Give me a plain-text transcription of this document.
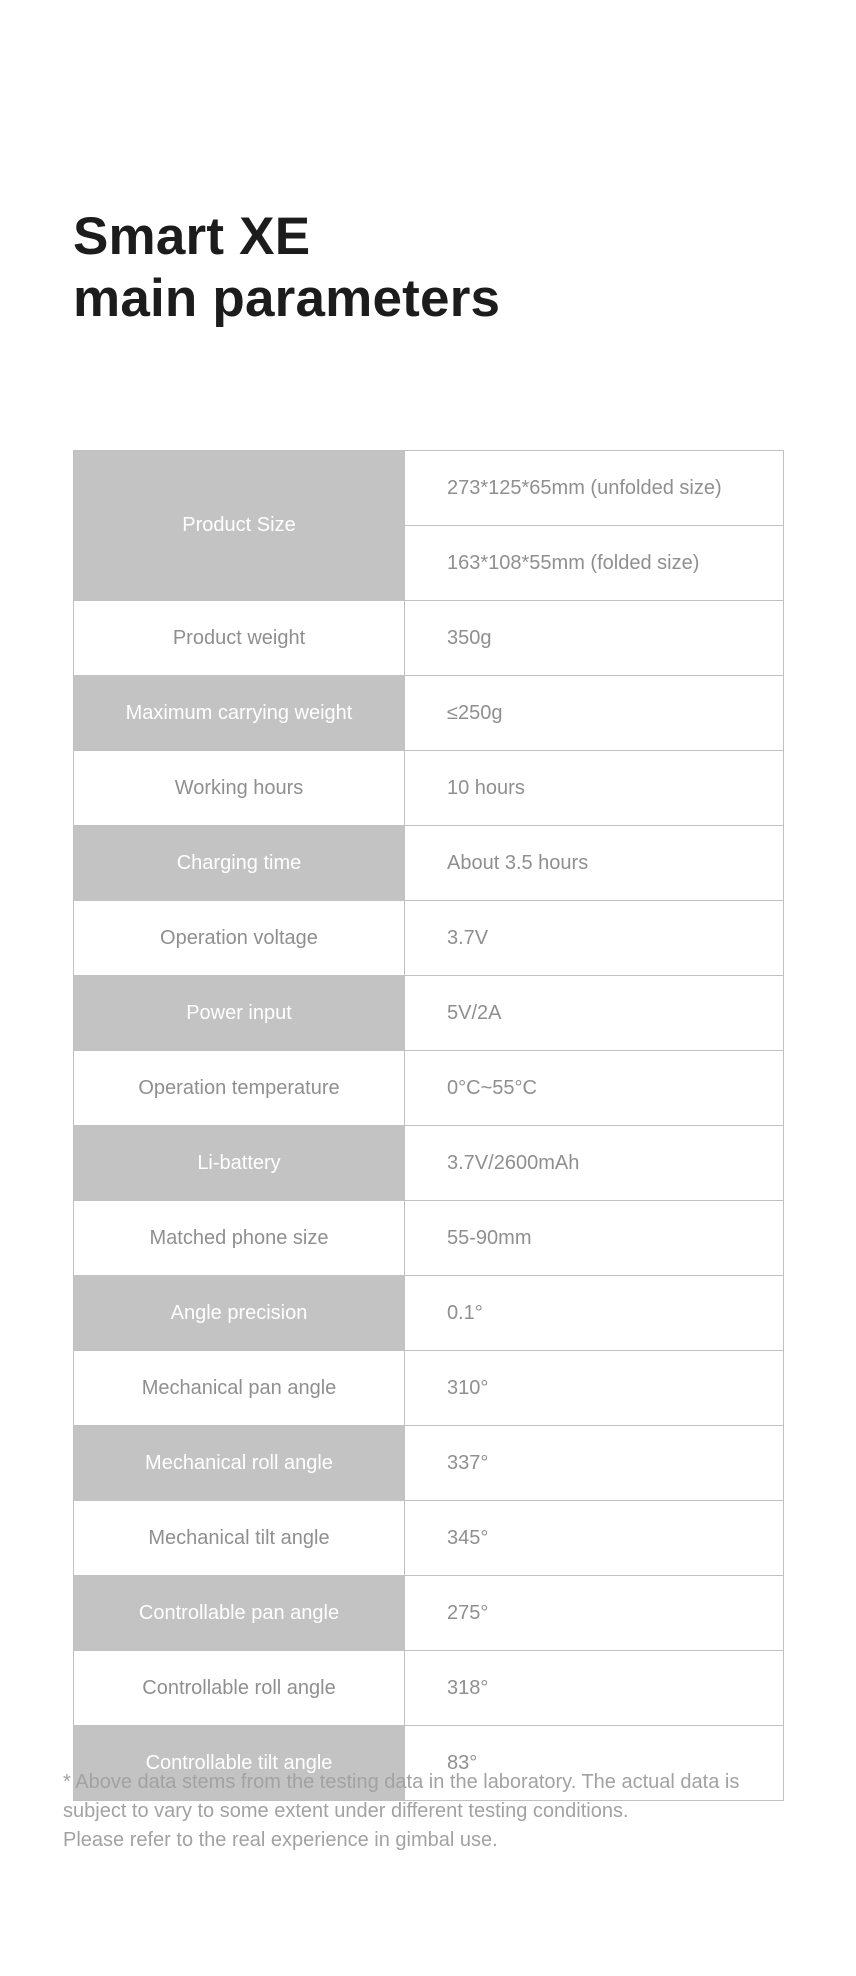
Smart XE
main parameters
Product Size	273*125*65mm (unfolded size)
	163*108*55mm (folded size)
Product weight	350g
Maximum carrying weight	≤250g
Working hours	10 hours
Charging time	About 3.5 hours
Operation voltage	3.7V
Power input	5V/2A
Operation temperature	0°C~55°C
Li-battery	3.7V/2600mAh
Matched phone size	55-90mm
Angle precision	0.1°
Mechanical pan angle	310°
Mechanical roll angle	337°
Mechanical tilt angle	345°
Controllable pan angle	275°
Controllable roll angle	318°
Controllable tilt angle	83°
* Above data stems from the testing data in the laboratory. The actual data is
subject to vary to some extent under different testing conditions.
Please refer to the real experience in gimbal use.
